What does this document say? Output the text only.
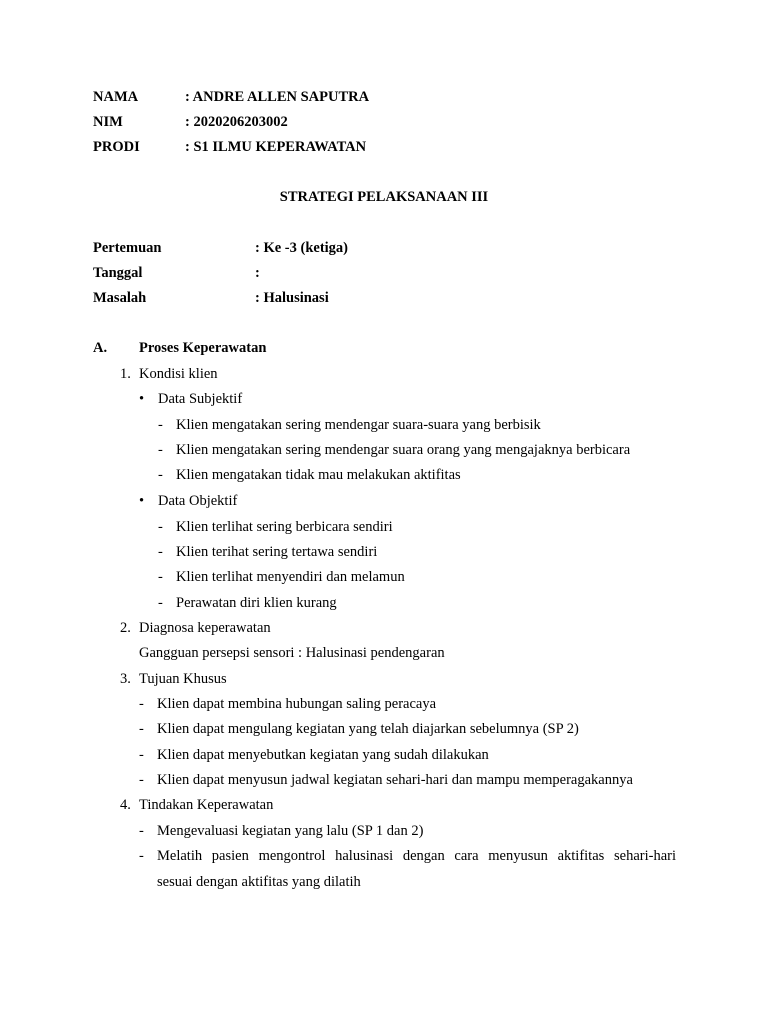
NAMA	: ANDRE ALLEN SAPUTRA
NIM	: 2020206203002
PRODI	: S1 ILMU KEPERAWATAN
STRATEGI PELAKSANAAN III
Pertemuan	: Ke -3 (ketiga)
Tanggal	:
Masalah	: Halusinasi
A. Proses Keperawatan
1. Kondisi klien
• Data Subjektif
- Klien mengatakan sering mendengar suara-suara yang berbisik
- Klien mengatakan sering mendengar suara orang yang mengajaknya berbicara
- Klien mengatakan tidak mau melakukan aktifitas
• Data Objektif
- Klien terlihat sering berbicara sendiri
- Klien terihat sering tertawa sendiri
- Klien terlihat menyendiri dan melamun
- Perawatan diri klien kurang
2. Diagnosa keperawatan
Gangguan persepsi sensori : Halusinasi pendengaran
3. Tujuan Khusus
- Klien dapat membina hubungan saling peracaya
- Klien dapat mengulang kegiatan yang telah diajarkan sebelumnya (SP 2)
- Klien dapat menyebutkan kegiatan yang sudah dilakukan
- Klien dapat menyusun jadwal kegiatan sehari-hari dan mampu memperagakannya
4. Tindakan Keperawatan
- Mengevaluasi kegiatan yang lalu (SP 1 dan 2)
- Melatih pasien mengontrol halusinasi dengan cara menyusun aktifitas sehari-hari
sesuai dengan aktifitas yang dilatih
